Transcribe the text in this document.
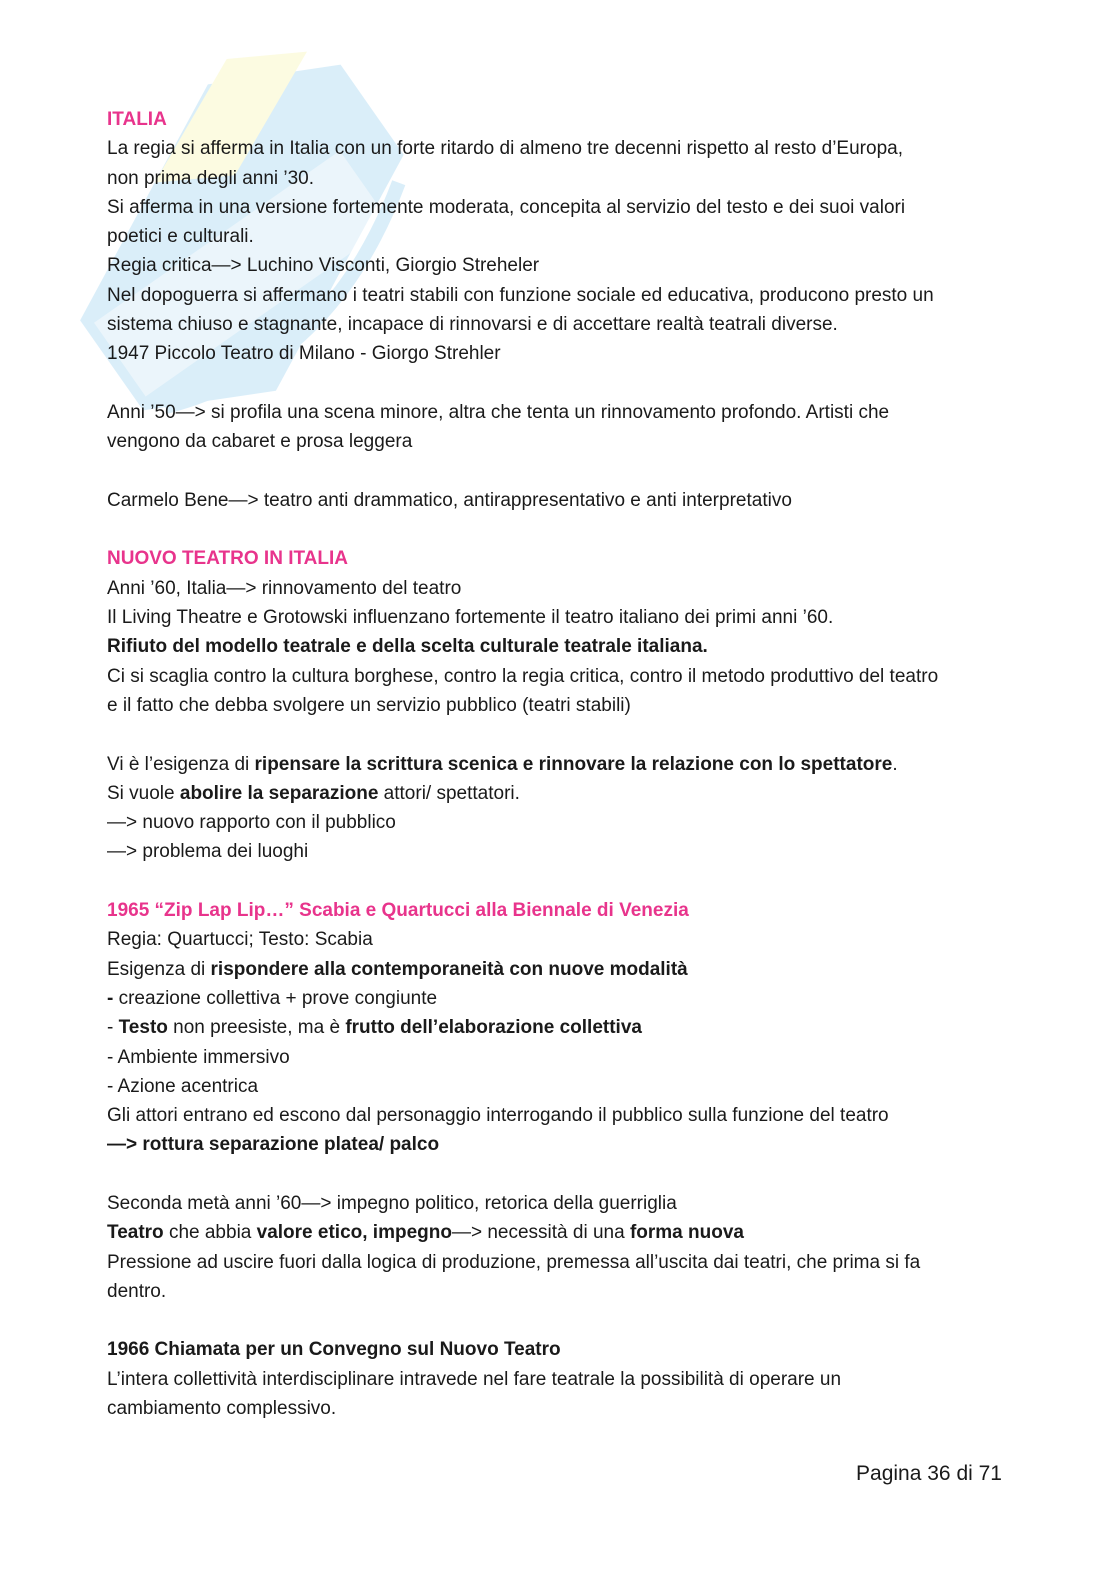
ITALIA

La regia si afferma in Italia con un forte ritardo di almeno tre decenni rispetto al resto d’Europa,

non prima degli anni ’30.

Si afferma in una versione fortemente moderata, concepita al servizio del testo e dei suoi valori

poetici e culturali.

Regia critica—> Luchino Visconti, Giorgio Streheler

Nel dopoguerra si affermano i teatri stabili con funzione sociale ed educativa, producono presto un

sistema chiuso e stagnante, incapace di rinnovarsi e di accettare realtà teatrali diverse.

1947 Piccolo Teatro di Milano - Giorgo Strehler

Anni ’50—> si profila una scena minore, altra che tenta un rinnovamento profondo. Artisti che

vengono da cabaret e prosa leggera

Carmelo Bene—> teatro anti drammatico, antirappresentativo e anti interpretativo

NUOVO TEATRO IN ITALIA

Anni ’60, Italia—> rinnovamento del teatro

Il Living Theatre e Grotowski influenzano fortemente il teatro italiano dei primi anni ’60.

Rifiuto del modello teatrale e della scelta culturale teatrale italiana.

Ci si scaglia contro la cultura borghese, contro la regia critica, contro il metodo produttivo del teatro

e il fatto che debba svolgere un servizio pubblico (teatri stabili)

Vi è l’esigenza di ripensare la scrittura scenica e rinnovare la relazione con lo spettatore.

Si vuole abolire la separazione attori/ spettatori.

—> nuovo rapporto con il pubblico

—> problema dei luoghi

1965 “Zip Lap Lip…” Scabia e Quartucci alla Biennale di Venezia

Regia: Quartucci; Testo: Scabia

Esigenza di rispondere alla contemporaneità con nuove modalità

- creazione collettiva + prove congiunte

- Testo non preesiste, ma è frutto dell’elaborazione collettiva

- Ambiente immersivo

- Azione acentrica

Gli attori entrano ed escono dal personaggio interrogando il pubblico sulla funzione del teatro

—> rottura separazione platea/ palco

Seconda metà anni ’60—> impegno politico, retorica della guerriglia

Teatro che abbia valore etico, impegno—> necessità di una forma nuova

Pressione ad uscire fuori dalla logica di produzione, premessa all’uscita dai teatri, che prima si fa

dentro.

1966 Chiamata per un Convegno sul Nuovo Teatro

L’intera collettività interdisciplinare intravede nel fare teatrale la possibilità di operare un

cambiamento complessivo.

Pagina 36 di 71
